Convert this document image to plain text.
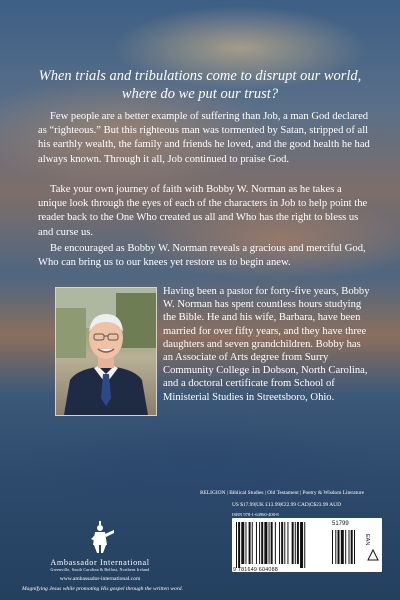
When trials and tribulations come to disrupt our world,
where do we put our trust?

Few people are a better example of suffering than Job, a man God declared as “righteous.” But this righteous man was tormented by Satan, stripped of all his earthly wealth, the family and friends he loved, and the good health he had always known. Through it all, Job continued to praise God.

Take your own journey of faith with Bobby W. Norman as he takes a unique look through the eyes of each of the characters in Job to help point the reader back to the One Who created us all and Who has the right to bless us and curse us.

Be encouraged as Bobby W. Norman reveals a gracious and merciful God, Who can bring us to our knees yet restore us to begin anew.

Having been a pastor for forty-five years, Bobby W. Norman has spent countless hours studying the Bible. He and his wife, Barbara, have been married for over fifty years, and they have three daughters and seven grandchildren. Bobby has an Associate of Arts degree from Surry Community College in Dobson, North Carolina, and a doctoral certificate from School of Ministerial Studies in Streetsboro, Ohio.

Ambassador International
Greenville, South Carolina & Belfast, Northern Ireland
www.ambassador-international.com
Magnifying Jesus while promoting His gospel through the written word.
RELIGION | Biblical Studies | Old Testament | Poetry & Wisdom Literature
US $17.99|UK £13.99|€22.99 CAD|C$23.99 AUD
ISBN 978-1-64960-408-8
51799
EAN
9 781649 604088
